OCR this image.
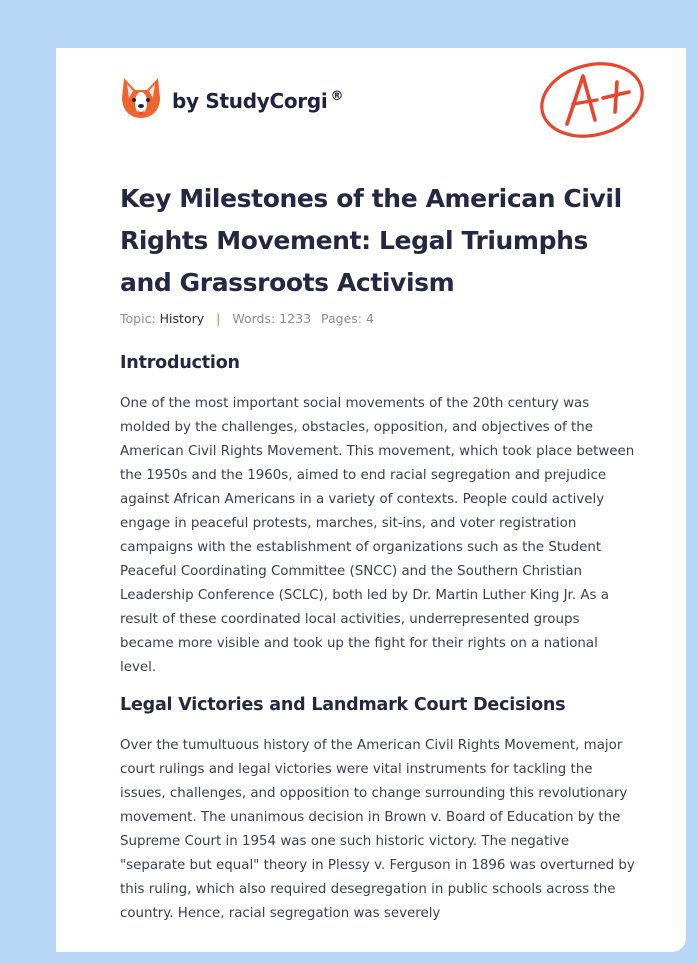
by StudyCorgi ®
Key Milestones of the American Civil Rights Movement: Legal Triumphs and Grassroots Activism
Topic: History | Words: 1233 Pages: 4
Introduction

One of the most important social movements of the 20th century was molded by the challenges, obstacles, opposition, and objectives of the American Civil Rights Movement. This movement, which took place between the 1950s and the 1960s, aimed to end racial segregation and prejudice against African Americans in a variety of contexts. People could actively engage in peaceful protests, marches, sit-ins, and voter registration campaigns with the establishment of organizations such as the Student Peaceful Coordinating Committee (SNCC) and the Southern Christian Leadership Conference (SCLC), both led by Dr. Martin Luther King Jr. As a result of these coordinated local activities, underrepresented groups became more visible and took up the fight for their rights on a national level.

Legal Victories and Landmark Court Decisions

Over the tumultuous history of the American Civil Rights Movement, major court rulings and legal victories were vital instruments for tackling the issues, challenges, and opposition to change surrounding this revolutionary movement. The unanimous decision in Brown v. Board of Education by the Supreme Court in 1954 was one such historic victory. The negative "separate but equal" theory in Plessy v. Ferguson in 1896 was overturned by this ruling, which also required desegregation in public schools across the country. Hence, racial segregation was severely
